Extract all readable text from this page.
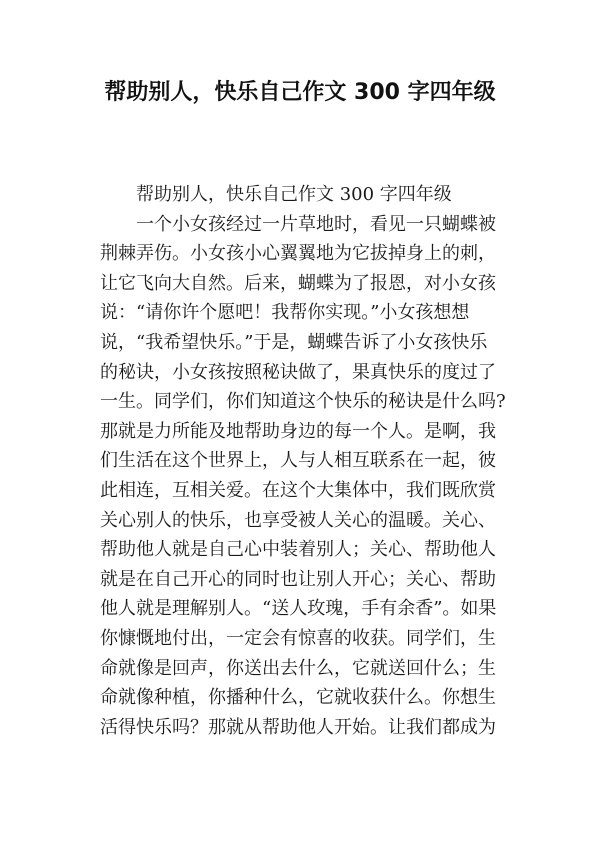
帮助别人，快乐自己作文 300 字四年级
帮助别人，快乐自己作文 300 字四年级
一个小女孩经过一片草地时，看见一只蝴蝶被
荆棘弄伤。小女孩小心翼翼地为它拔掉身上的刺，
让它飞向大自然。后来，蝴蝶为了报恩，对小女孩
说：“请你许个愿吧！我帮你实现。”小女孩想想
说，“我希望快乐。”于是，蝴蝶告诉了小女孩快乐
的秘诀，小女孩按照秘诀做了，果真快乐的度过了
一生。同学们，你们知道这个快乐的秘诀是什么吗?
那就是力所能及地帮助身边的每一个人。是啊，我
们生活在这个世界上，人与人相互联系在一起，彼
此相连，互相关爱。在这个大集体中，我们既欣赏
关心别人的快乐，也享受被人关心的温暖。关心、
帮助他人就是自己心中装着别人；关心、帮助他人
就是在自己开心的同时也让别人开心；关心、帮助
他人就是理解别人。“送人玫瑰，手有余香”。如果
你慷慨地付出，一定会有惊喜的收获。同学们，生
命就像是回声，你送出去什么，它就送回什么；生
命就像种植，你播种什么，它就收获什么。你想生
活得快乐吗？那就从帮助他人开始。让我们都成为
